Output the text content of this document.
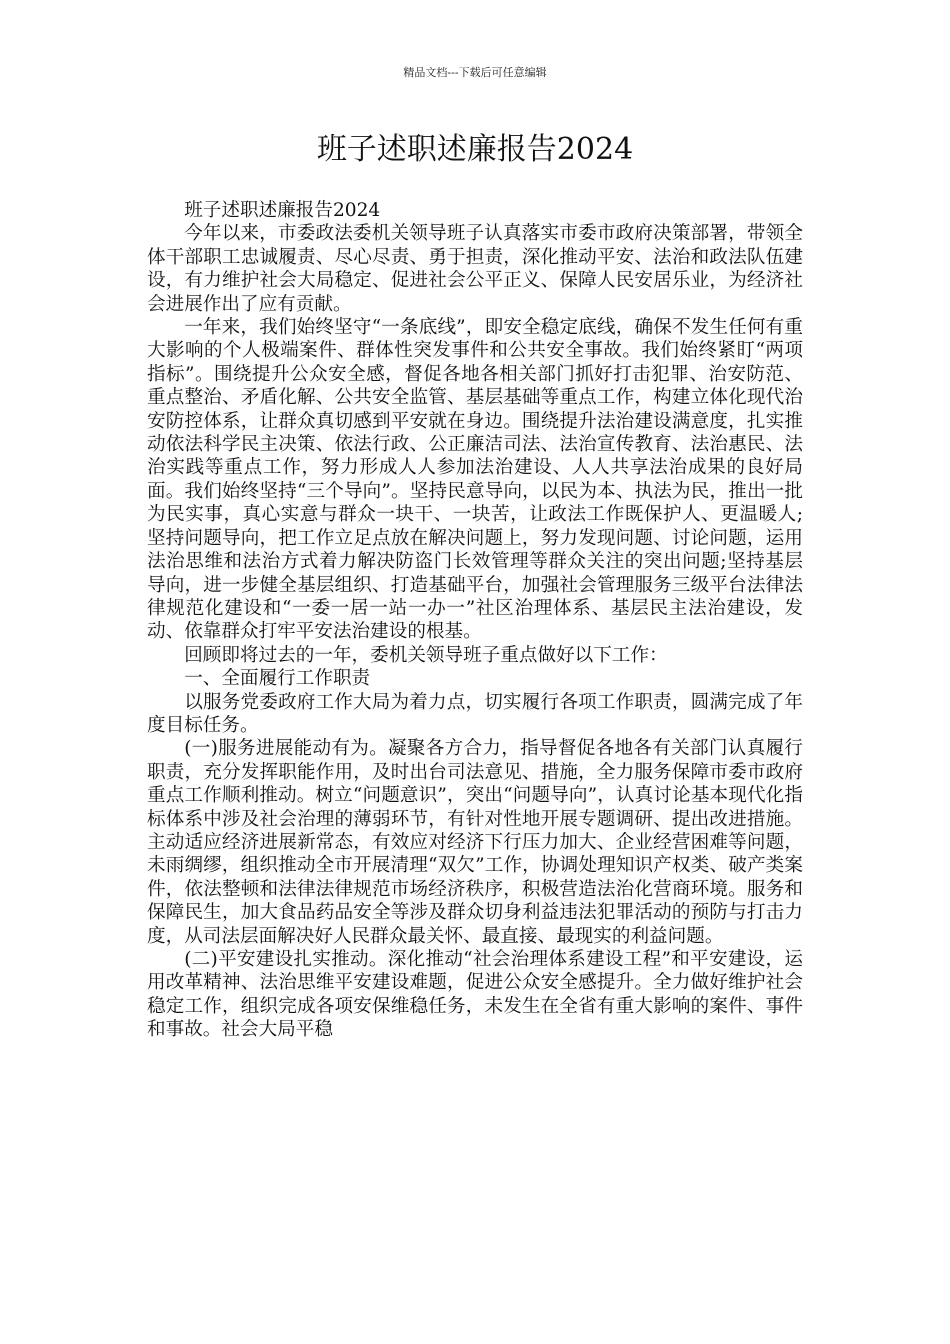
精品文档---下载后可任意编辑
班子述职述廉报告2024

班子述职述廉报告2024

今年以来，市委政法委机关领导班子认真落实市委市政府决策部署，带领全体干部职工忠诚履责、尽心尽责、勇于担责，深化推动平安、法治和政法队伍建设，有力维护社会大局稳定、促进社会公平正义、保障人民安居乐业，为经济社会进展作出了应有贡献。

一年来，我们始终坚守“一条底线”，即安全稳定底线，确保不发生任何有重大影响的个人极端案件、群体性突发事件和公共安全事故。我们始终紧盯“两项指标”。围绕提升公众安全感，督促各地各相关部门抓好打击犯罪、治安防范、重点整治、矛盾化解、公共安全监管、基层基础等重点工作，构建立体化现代治安防控体系，让群众真切感到平安就在身边。围绕提升法治建设满意度，扎实推动依法科学民主决策、依法行政、公正廉洁司法、法治宣传教育、法治惠民、法治实践等重点工作，努力形成人人参加法治建设、人人共享法治成果的良好局面。我们始终坚持“三个导向”。坚持民意导向，以民为本、执法为民，推出一批为民实事，真心实意与群众一块干、一块苦，让政法工作既保护人、更温暖人;坚持问题导向，把工作立足点放在解决问题上，努力发现问题、讨论问题，运用法治思维和法治方式着力解决防盗门长效管理等群众关注的突出问题;坚持基层导向，进一步健全基层组织、打造基础平台，加强社会管理服务三级平台法律法律规范化建设和“一委一居一站一办一”社区治理体系、基层民主法治建设，发动、依靠群众打牢平安法治建设的根基。

回顾即将过去的一年，委机关领导班子重点做好以下工作：

一、全面履行工作职责

以服务党委政府工作大局为着力点，切实履行各项工作职责，圆满完成了年度目标任务。

(一)服务进展能动有为。凝聚各方合力，指导督促各地各有关部门认真履行职责，充分发挥职能作用，及时出台司法意见、措施，全力服务保障市委市政府重点工作顺利推动。树立“问题意识”，突出“问题导向”，认真讨论基本现代化指标体系中涉及社会治理的薄弱环节，有针对性地开展专题调研、提出改进措施。主动适应经济进展新常态，有效应对经济下行压力加大、企业经营困难等问题，未雨绸缪，组织推动全市开展清理“双欠”工作，协调处理知识产权类、破产类案件，依法整顿和法律法律规范市场经济秩序，积极营造法治化营商环境。服务和保障民生，加大食品药品安全等涉及群众切身利益违法犯罪活动的预防与打击力度，从司法层面解决好人民群众最关怀、最直接、最现实的利益问题。

(二)平安建设扎实推动。深化推动“社会治理体系建设工程”和平安建设，运用改革精神、法治思维平安建设难题，促进公众安全感提升。全力做好维护社会稳定工作，组织完成各项安保维稳任务，未发生在全省有重大影响的案件、事件和事故。社会大局平稳
